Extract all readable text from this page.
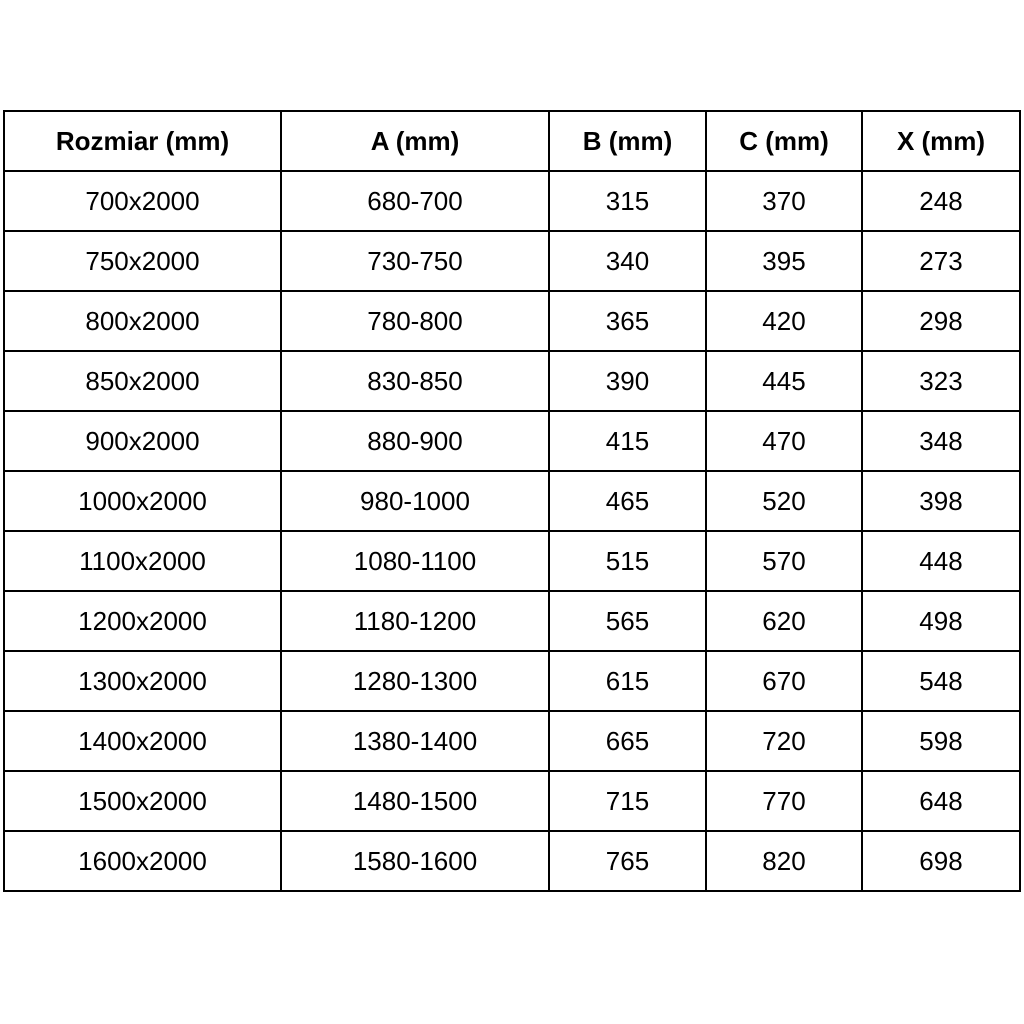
Rozmiar (mm)	A (mm)	B (mm)	C (mm)	X (mm)
700x2000	680-700	315	370	248
750x2000	730-750	340	395	273
800x2000	780-800	365	420	298
850x2000	830-850	390	445	323
900x2000	880-900	415	470	348
1000x2000	980-1000	465	520	398
1100x2000	1080-1100	515	570	448
1200x2000	1180-1200	565	620	498
1300x2000	1280-1300	615	670	548
1400x2000	1380-1400	665	720	598
1500x2000	1480-1500	715	770	648
1600x2000	1580-1600	765	820	698
